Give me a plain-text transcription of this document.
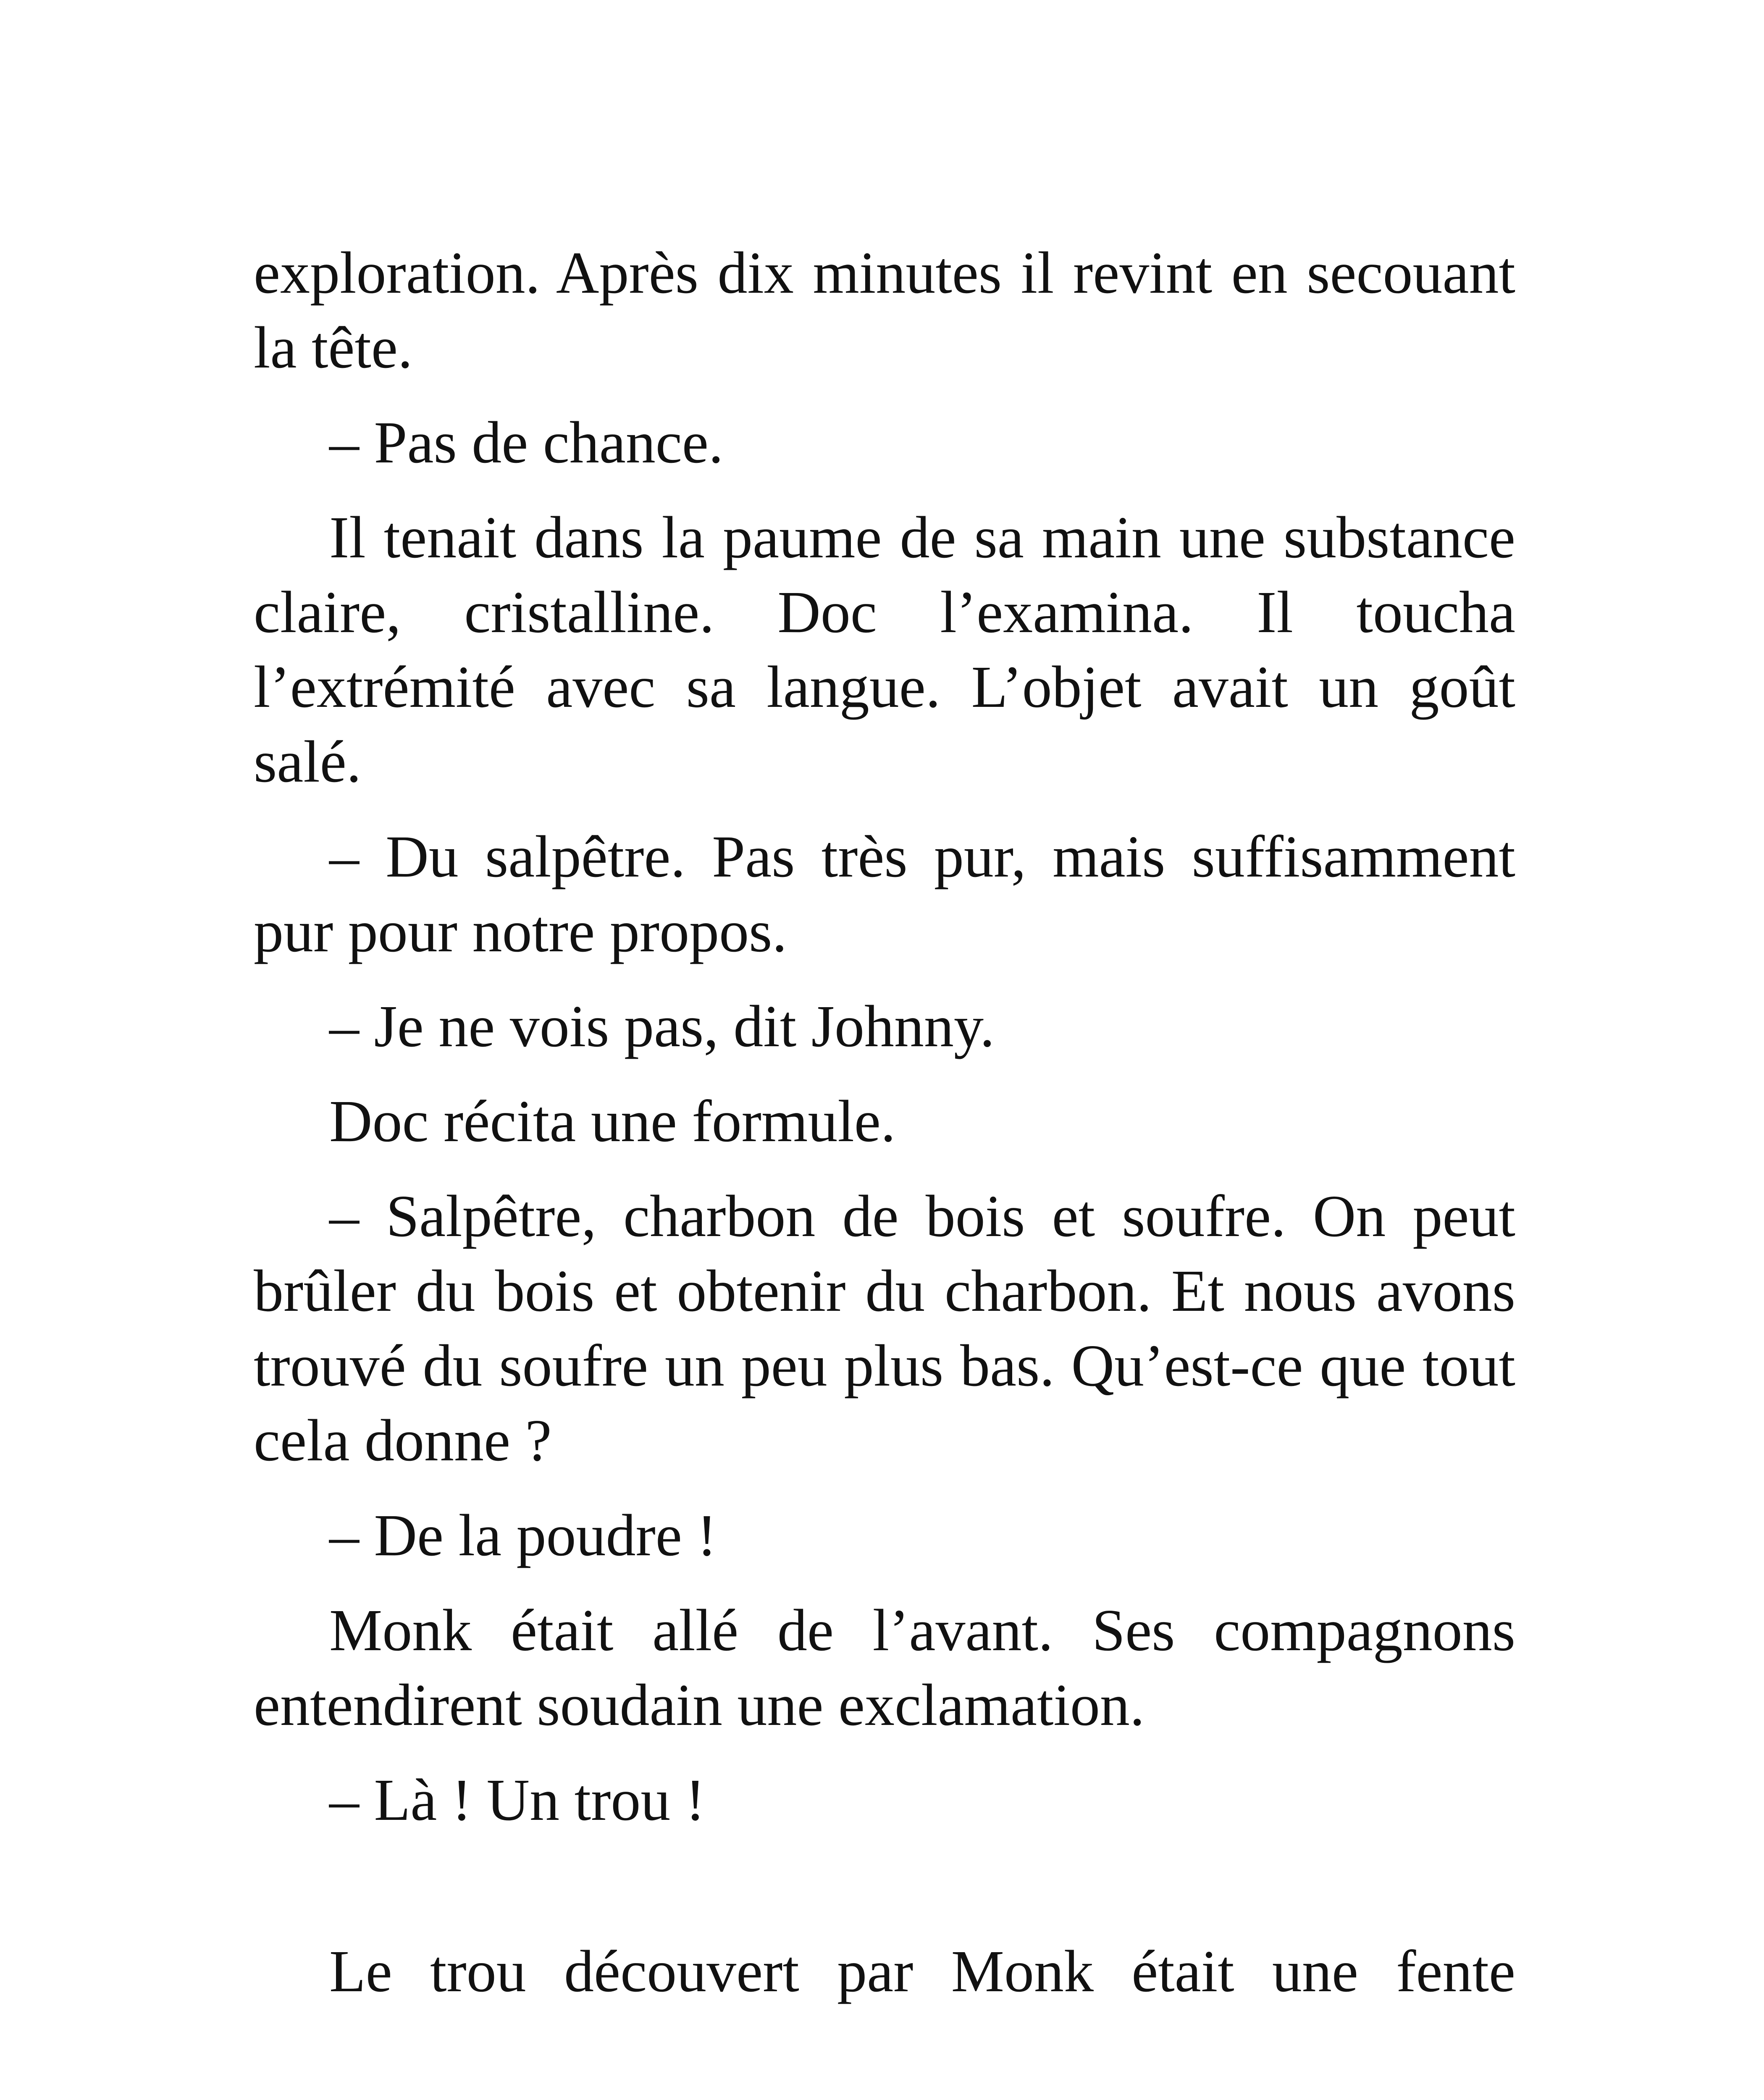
exploration. Après dix minutes il revint en secouant la tête.

– Pas de chance.

Il tenait dans la paume de sa main une substance claire, cristalline. Doc l’examina. Il toucha l’extrémité avec sa langue. L’objet avait un goût salé.

– Du salpêtre. Pas très pur, mais suffisamment pur pour notre propos.

– Je ne vois pas, dit Johnny.

Doc récita une formule.

– Salpêtre, charbon de bois et soufre. On peut brûler du bois et obtenir du charbon. Et nous avons trouvé du soufre un peu plus bas. Qu’est-ce que tout cela donne ?

– De la poudre !

Monk était allé de l’avant. Ses compagnons entendirent soudain une exclamation.

– Là ! Un trou !

Le trou découvert par Monk était une fente
